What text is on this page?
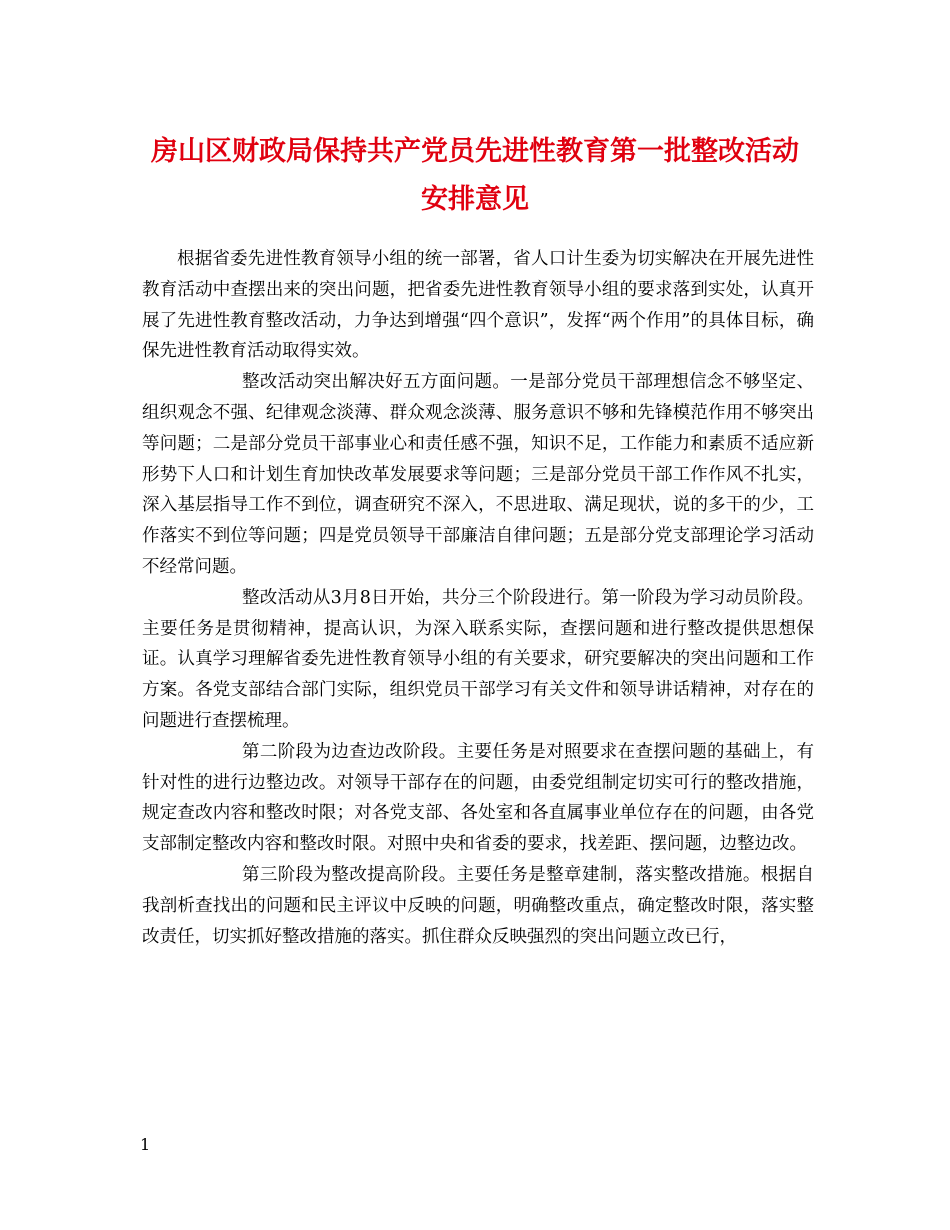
房山区财政局保持共产党员先进性教育第一批整改活动
安排意见

根据省委先进性教育领导小组的统一部署，省人口计生委为切实解决在开展先进性教育活动中查摆出来的突出问题，把省委先进性教育领导小组的要求落到实处，认真开展了先进性教育整改活动，力争达到增强“四个意识”，发挥“两个作用”的具体目标，确保先进性教育活动取得实效。

整改活动突出解决好五方面问题。一是部分党员干部理想信念不够坚定、组织观念不强、纪律观念淡薄、群众观念淡薄、服务意识不够和先锋模范作用不够突出等问题；二是部分党员干部事业心和责任感不强，知识不足，工作能力和素质不适应新形势下人口和计划生育加快改革发展要求等问题；三是部分党员干部工作作风不扎实，深入基层指导工作不到位，调查研究不深入，不思进取、满足现状，说的多干的少，工作落实不到位等问题；四是党员领导干部廉洁自律问题；五是部分党支部理论学习活动不经常问题。

整改活动从3月8日开始，共分三个阶段进行。第一阶段为学习动员阶段。主要任务是贯彻精神，提高认识，为深入联系实际，查摆问题和进行整改提供思想保证。认真学习理解省委先进性教育领导小组的有关要求，研究要解决的突出问题和工作方案。各党支部结合部门实际，组织党员干部学习有关文件和领导讲话精神，对存在的问题进行查摆梳理。

第二阶段为边查边改阶段。主要任务是对照要求在查摆问题的基础上，有针对性的进行边整边改。对领导干部存在的问题，由委党组制定切实可行的整改措施，规定查改内容和整改时限；对各党支部、各处室和各直属事业单位存在的问题，由各党支部制定整改内容和整改时限。对照中央和省委的要求，找差距、摆问题，边整边改。

第三阶段为整改提高阶段。主要任务是整章建制，落实整改措施。根据自我剖析查找出的问题和民主评议中反映的问题，明确整改重点，确定整改时限，落实整改责任，切实抓好整改措施的落实。抓住群众反映强烈的突出问题立改已行，

1
